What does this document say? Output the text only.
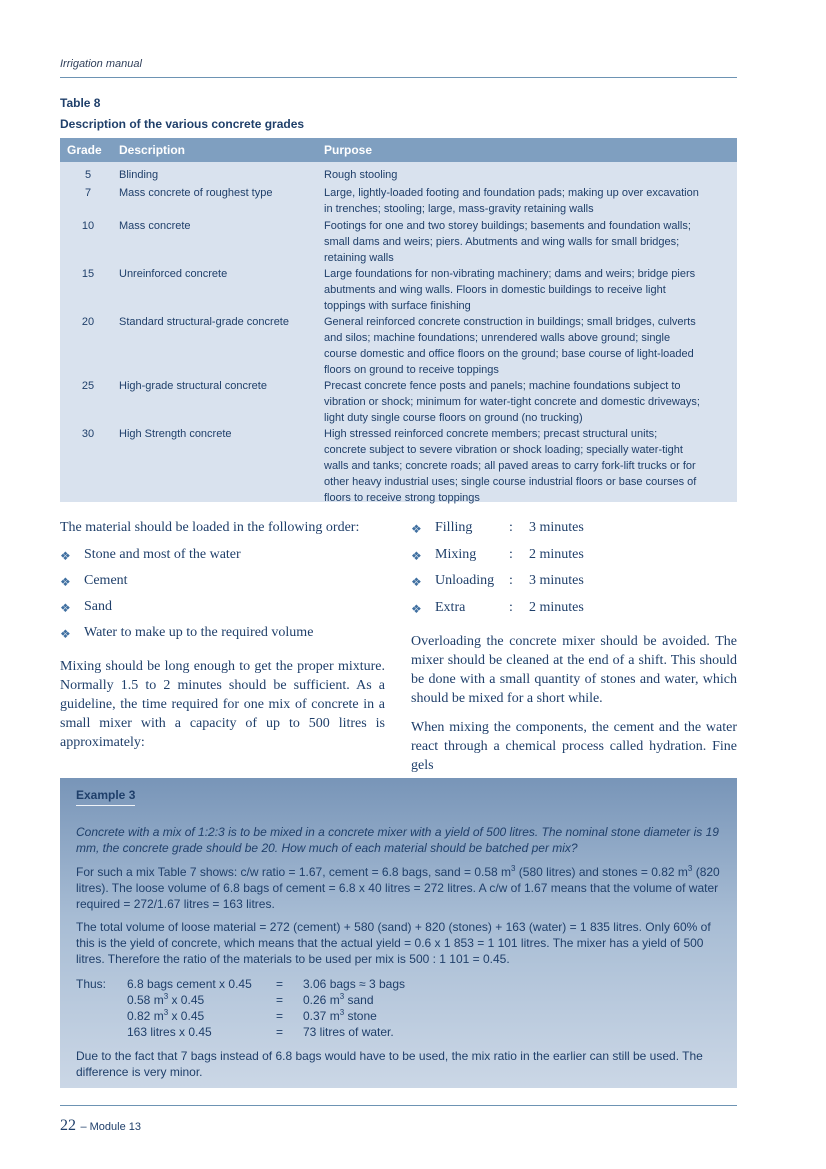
Irrigation manual
Table 8
Description of the various concrete grades
Grade Description	Purpose
5	Blinding	Rough stooling
7	Mass concrete of roughest type	Large, lightly-loaded footing and foundation pads; making up over excavation
in trenches; stooling; large, mass-gravity retaining walls
10	Mass concrete	Footings for one and two storey buildings; basements and foundation walls;
small dams and weirs; piers. Abutments and wing walls for small bridges;
retaining walls
15	Unreinforced concrete	Large foundations for non-vibrating machinery; dams and weirs; bridge piers
abutments and wing walls. Floors in domestic buildings to receive light
toppings with surface finishing
20	Standard structural-grade concrete	General reinforced concrete construction in buildings; small bridges, culverts
and silos; machine foundations; unrendered walls above ground; single
course domestic and office floors on the ground; base course of light-loaded
floors on ground to receive toppings
25	High-grade structural concrete	Precast concrete fence posts and panels; machine foundations subject to
vibration or shock; minimum for water-tight concrete and domestic driveways;
light duty single course floors on ground (no trucking)
30	High Strength concrete	High stressed reinforced concrete members; precast structural units;
concrete subject to severe vibration or shock loading; specially water-tight
walls and tanks; concrete roads; all paved areas to carry fork-lift trucks or for
other heavy industrial uses; single course industrial floors or base courses of
floors to receive strong toppings

The material should be loaded in the following order:

❖ Stone and most of the water
❖ Cement
❖ Sand
❖ Water to make up to the required volume

Mixing should be long enough to get the proper mixture. Normally 1.5 to 2 minutes should be sufficient. As a guideline, the time required for one mix of concrete in a small mixer with a capacity of up to 500 litres is approximately:

❖ Filling	: 3 minutes
❖ Mixing : 2 minutes
❖ Unloading : 3 minutes
❖ Extra	: 2 minutes

Overloading the concrete mixer should be avoided. The mixer should be cleaned at the end of a shift. This should be done with a small quantity of stones and water, which should be mixed for a short while.

When mixing the components, the cement and the water react through a chemical process called hydration. Fine gels

Example 3
Concrete with a mix of 1:2:3 is to be mixed in a concrete mixer with a yield of 500 litres. The nominal stone diameter is 19 mm, the concrete grade should be 20. How much of each material should be batched per mix?
For such a mix Table 7 shows: c/w ratio = 1.67, cement = 6.8 bags, sand = 0.58 $m^3$ (580 litres) and stones = 0.82 $m^3$ (820 litres). The loose volume of 6.8 bags of cement = 6.8 x 40 litres = 272 litres. A c/w of 1.67 means that the volume of water required = 272/1.67 litres = 163 litres.
The total volume of loose material = 272 (cement) + 580 (sand) + 820 (stones) + 163 (water) = 1 835 litres. Only 60% of this is the yield of concrete, which means that the actual yield = 0.6 x 1 853 = 1 101 litres. The mixer has a yield of 500 litres. Therefore the ratio of the materials to be used per mix is 500 : 1 101 = 0.45.
Thus: 6.8 bags cement x 0.45 = 3.06 bags ≈ 3 bags
0.58 $m^3$ x 0.45	= 0.26 $m^3$ sand
0.82 $m^3$ x 0.45	= 0.37 $m^3$ stone
163 litres x 0.45	= 73 litres of water.
Due to the fact that 7 bags instead of 6.8 bags would have to be used, the mix ratio in the earlier can still be used. The difference is very minor.
22 – Module 13
